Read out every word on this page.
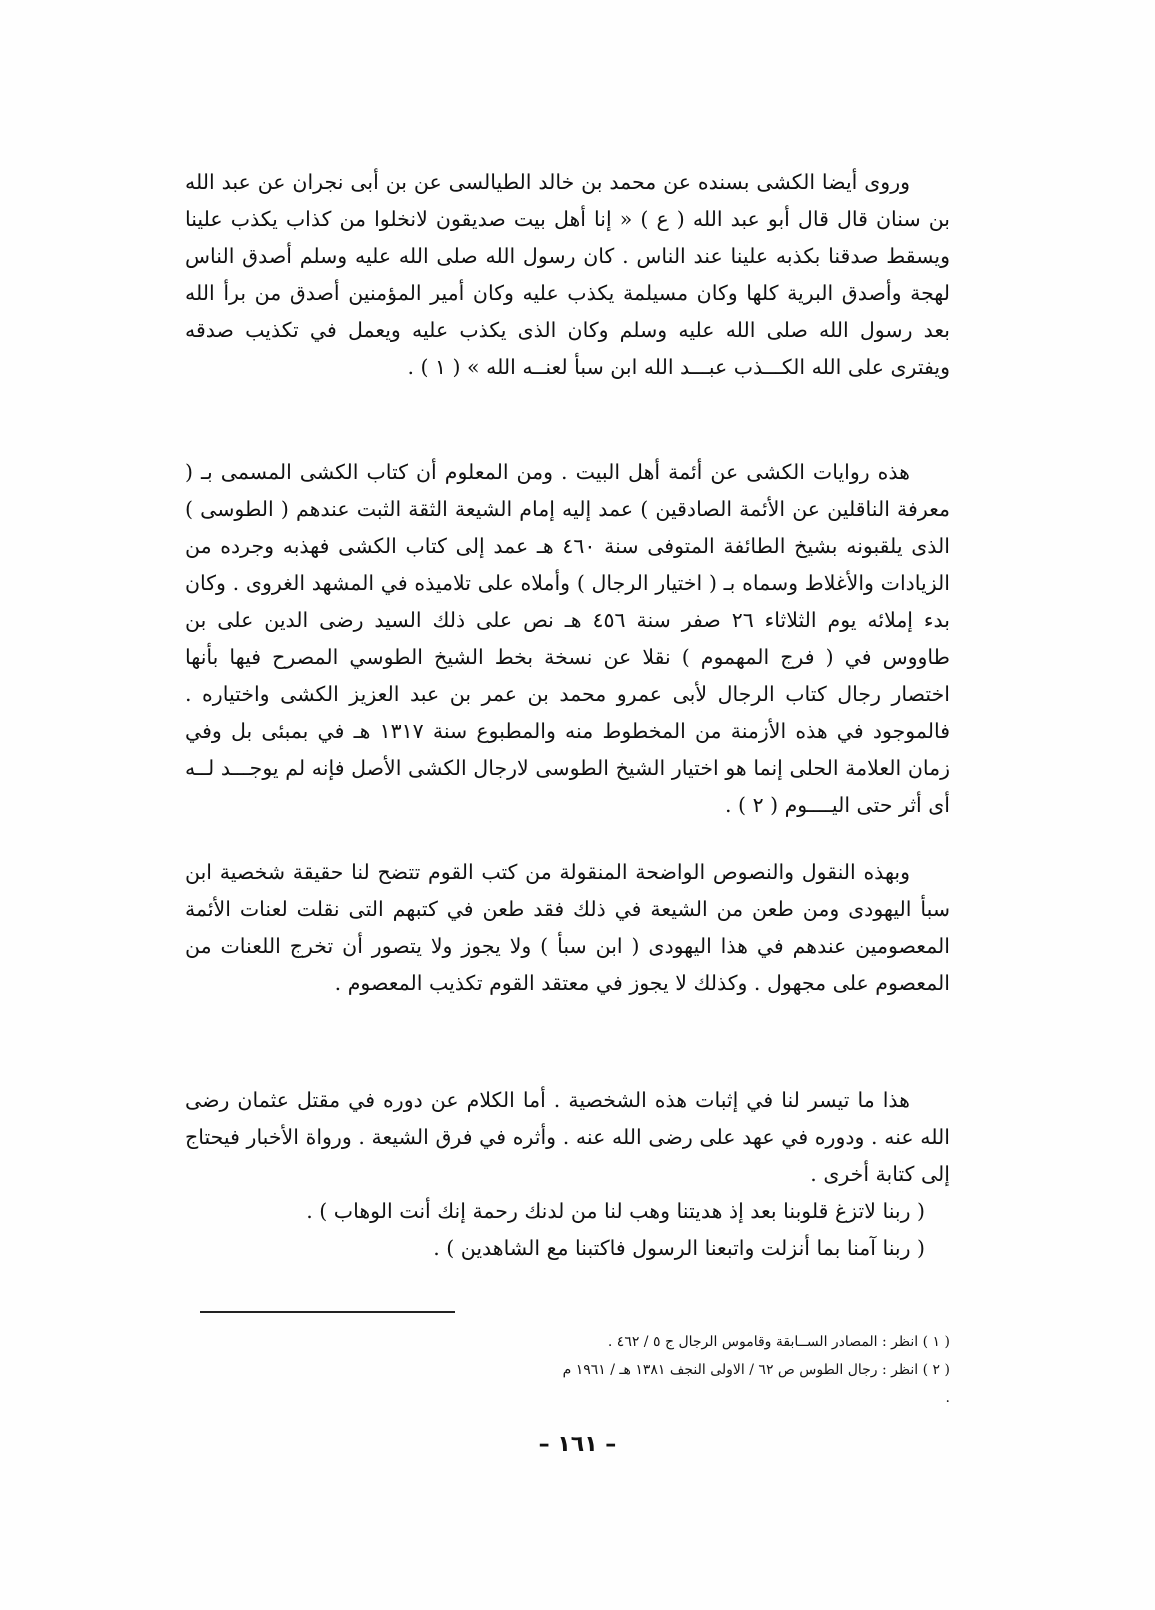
وروى أيضا الكشى بسنده عن محمد بن خالد الطيالسى عن بن أبى نجران عن عبد الله بن سنان قال قال أبو عبد الله ( ع ) « إنا أهل بيت صديقون لانخلوا من كذاب يكذب علينا ويسقط صدقنا بكذبه علينا عند الناس . كان رسول الله صلى الله عليه وسلم أصدق الناس لهجة وأصدق البرية كلها وكان مسيلمة يكذب عليه وكان أمير المؤمنين أصدق من برأ الله بعد رسول الله صلى الله عليه وسلم وكان الذى يكذب عليه ويعمل في تكذيب صدقه ويفترى على الله الكـــذب عبـــد الله ابن سبأ لعنــه الله » ( ١ ) .

هذه روايات الكشى عن أئمة أهل البيت . ومن المعلوم أن كتاب الكشى المسمى بـ ( معرفة الناقلين عن الأئمة الصادقين ) عمد إليه إمام الشيعة الثقة الثبت عندهم ( الطوسى ) الذى يلقبونه بشيخ الطائفة المتوفى سنة ٤٦٠ هـ عمد إلى كتاب الكشى فهذبه وجرده من الزيادات والأغلاط وسماه بـ ( اختيار الرجال ) وأملاه على تلاميذه في المشهد الغروى . وكان بدء إملائه يوم الثلاثاء ٢٦ صفر سنة ٤٥٦ هـ نص على ذلك السيد رضى الدين على بن طاووس في ( فرج المهموم ) نقلا عن نسخة بخط الشيخ الطوسي المصرح فيها بأنها اختصار رجال كتاب الرجال لأبى عمرو محمد بن عمر بن عبد العزيز الكشى واختياره . فالموجود في هذه الأزمنة من المخطوط منه والمطبوع سنة ١٣١٧ هـ في بمبئى بل وفي زمان العلامة الحلى إنما هو اختيار الشيخ الطوسى لارجال الكشى الأصل فإنه لم يوجـــد لــه أى أثر حتى اليــــوم ( ٢ ) .

وبهذه النقول والنصوص الواضحة المنقولة من كتب القوم تتضح لنا حقيقة شخصية ابن سبأ اليهودى ومن طعن من الشيعة في ذلك فقد طعن في كتبهم التى نقلت لعنات الأئمة المعصومين عندهم في هذا اليهودى ( ابن سبأ ) ولا يجوز ولا يتصور أن تخرج اللعنات من المعصوم على مجهول . وكذلك لا يجوز في معتقد القوم تكذيب المعصوم .

هذا ما تيسر لنا في إثبات هذه الشخصية . أما الكلام عن دوره في مقتل عثمان رضى الله عنه . ودوره في عهد على رضى الله عنه . وأثره في فرق الشيعة . ورواة الأخبار فيحتاج إلى كتابة أخرى .

( ربنا لاتزغ قلوبنا بعد إذ هديتنا وهب لنا من لدنك رحمة إنك أنت الوهاب ) .

( ربنا آمنا بما أنزلت واتبعنا الرسول فاكتبنا مع الشاهدين ) .

( ١ ) انظر : المصادر الســابقة وقاموس الرجال ج ٥ / ٤٦٢ .

( ٢ ) انظر : رجال الطوس ص ٦٢ / الاولى النجف ١٣٨١ هـ / ١٩٦١ م .

– ١٦١ –
